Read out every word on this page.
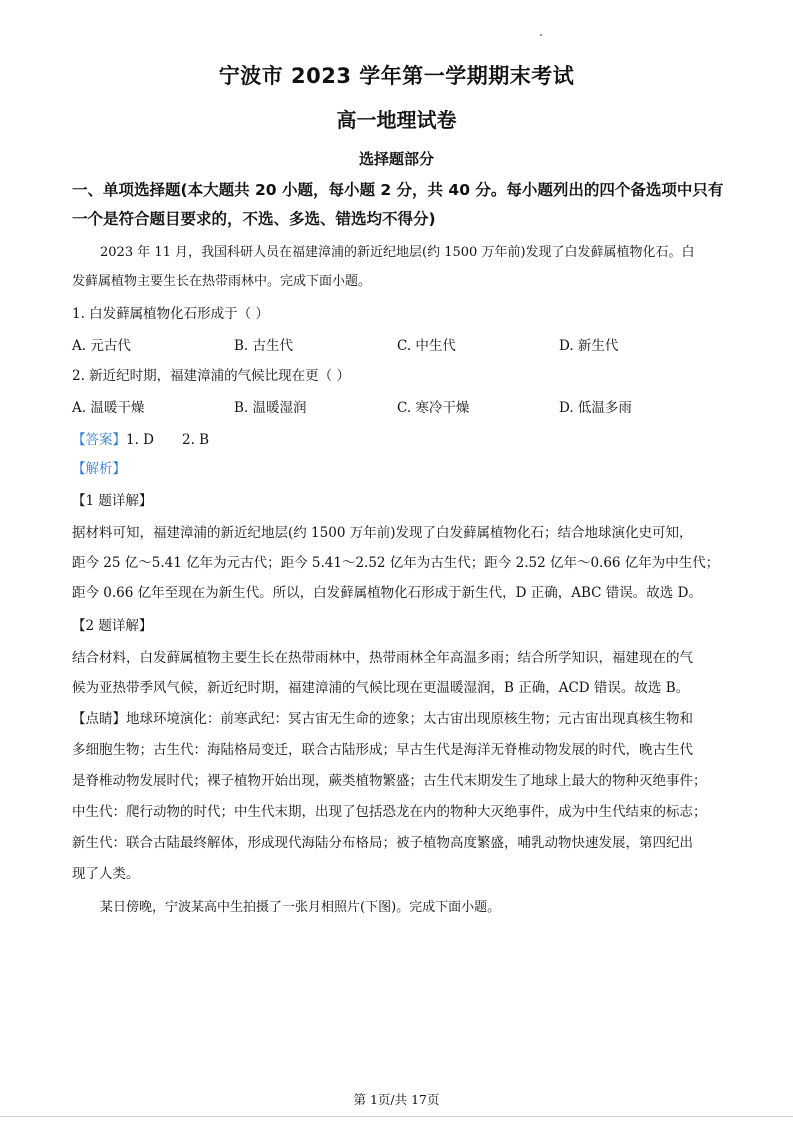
宁波市 2023 学年第一学期期末考试
高一地理试卷
选择题部分
一、单项选择题(本大题共 20 小题，每小题 2 分，共 40 分。每小题列出的四个备选项中只有
一个是符合题目要求的，不选、多选、错选均不得分)
2023 年 11 月，我国科研人员在福建漳浦的新近纪地层(约 1500 万年前)发现了白发藓属植物化石。白
发藓属植物主要生长在热带雨林中。完成下面小题。
1. 白发藓属植物化石形成于（ ）
A. 元古代	B. 古生代	C. 中生代	D. 新生代
2. 新近纪时期，福建漳浦的气候比现在更（ ）
A. 温暖干燥	B. 温暖湿润	C. 寒冷干燥	D. 低温多雨
【答案】1. D 2. B
【解析】
【1 题详解】
据材料可知，福建漳浦的新近纪地层(约 1500 万年前)发现了白发藓属植物化石；结合地球演化史可知，
距今 25 亿～5.41 亿年为元古代；距今 5.41～2.52 亿年为古生代；距今 2.52 亿年～0.66 亿年为中生代；
距今 0.66 亿年至现在为新生代。所以，白发藓属植物化石形成于新生代，D 正确，ABC 错误。故选 D。
【2 题详解】
结合材料，白发藓属植物主要生长在热带雨林中，热带雨林全年高温多雨；结合所学知识，福建现在的气
候为亚热带季风气候，新近纪时期，福建漳浦的气候比现在更温暖湿润，B 正确，ACD 错误。故选 B。
【点睛】地球环境演化：前寒武纪：冥古宙无生命的迹象；太古宙出现原核生物；元古宙出现真核生物和
多细胞生物；古生代：海陆格局变迁，联合古陆形成；早古生代是海洋无脊椎动物发展的时代，晚古生代
是脊椎动物发展时代；裸子植物开始出现，蕨类植物繁盛；古生代末期发生了地球上最大的物种灭绝事件；
中生代：爬行动物的时代；中生代末期，出现了包括恐龙在内的物种大灭绝事件，成为中生代结束的标志；
新生代：联合古陆最终解体，形成现代海陆分布格局；被子植物高度繁盛，哺乳动物快速发展，第四纪出
现了人类。
某日傍晚，宁波某高中生拍摄了一张月相照片(下图)。完成下面小题。
第 1页/共 17页
